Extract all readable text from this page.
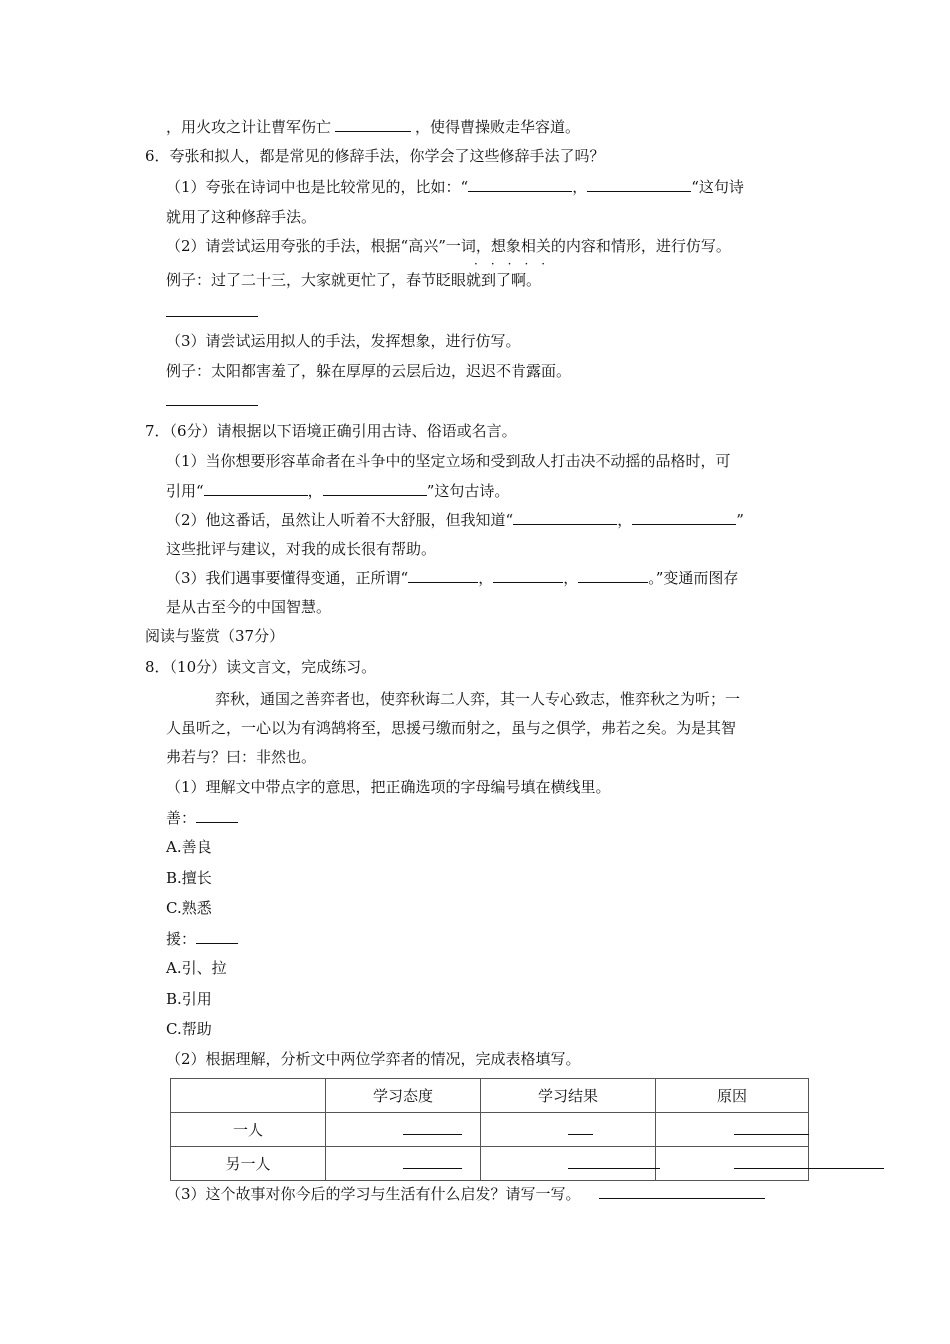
，用火攻之计让曹军伤亡	，使得曹操败走华容道。
6．夸张和拟人，都是常见的修辞手法，你学会了这些修辞手法了吗？
（1）夸张在诗词中也是比较常见的，比如：“	，	“这句诗
就用了这种修辞手法。
（2）请尝试运用夸张的手法，根据“高兴”一词，想象相关的内容和情形，进行仿写。
·····
例子：过了二十三，大家就更忙了，春节眨眼就到了啊。
（3）请尝试运用拟人的手法，发挥想象，进行仿写。
例子：太阳都害羞了，躲在厚厚的云层后边，迟迟不肯露面。
7．（6分）请根据以下语境正确引用古诗、俗语或名言。
（1）当你想要形容革命者在斗争中的坚定立场和受到敌人打击决不动摇的品格时，可
引用“	，	”这句古诗。
（2）他这番话，虽然让人听着不大舒服，但我知道“	，	”
这些批评与建议，对我的成长很有帮助。
（3）我们遇事要懂得变通，正所谓“	，	，	。”变通而图存
是从古至今的中国智慧。
阅读与鉴赏（37分）
8．（10分）读文言文，完成练习。
弈秋，通国之善弈者也，使弈秋诲二人弈，其一人专心致志，惟弈秋之为听；一
人虽听之，一心以为有鸿鹄将至，思援弓缴而射之，虽与之俱学，弗若之矣。为是其智
弗若与？曰：非然也。
（1）理解文中带点字的意思，把正确选项的字母编号填在横线里。
善：
A.善良
B.擅长
C.熟悉
援：
A.引、拉
B.引用
C.帮助
（2）根据理解，分析文中两位学弈者的情况，完成表格填写。
	学习态度	学习结果	原因
一人	

另一人	

（3）这个故事对你今后的学习与生活有什么启发？请写一写。
